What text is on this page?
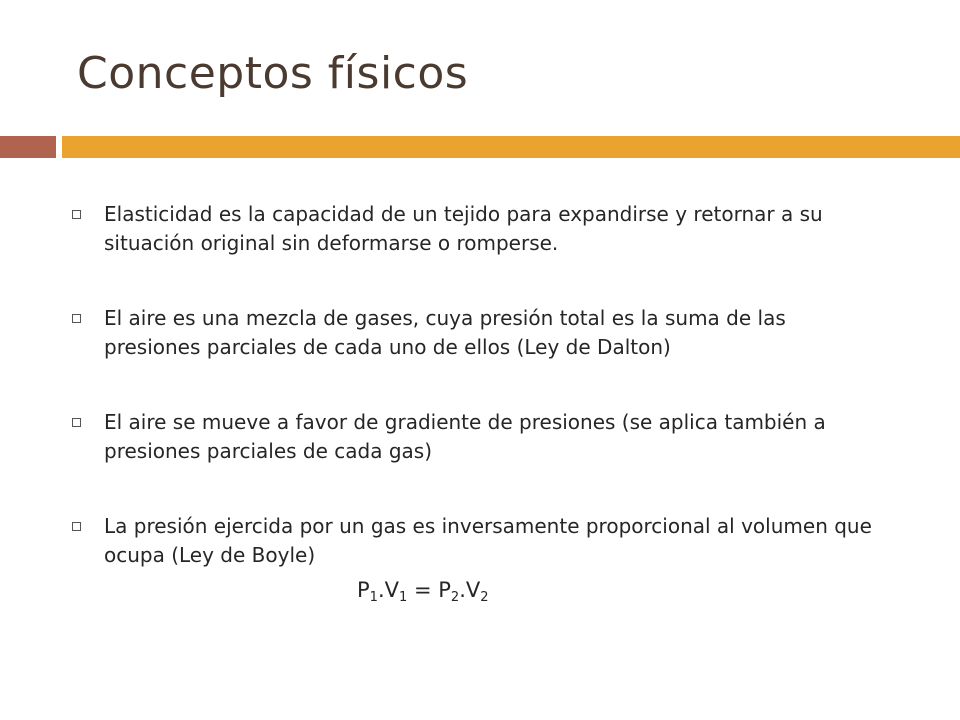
Conceptos físicos
Elasticidad es la capacidad de un tejido para expandirse y retornar a su situación original sin deformarse o romperse.
El aire es una mezcla de gases, cuya presión total es la suma de las presiones parciales de cada uno de ellos (Ley de Dalton)
El aire se mueve a favor de gradiente de presiones (se aplica también a presiones parciales de cada gas)
La presión ejercida por un gas es inversamente proporcional al volumen que ocupa (Ley de Boyle)
$P_1.V_1 = P_2.V_2$
